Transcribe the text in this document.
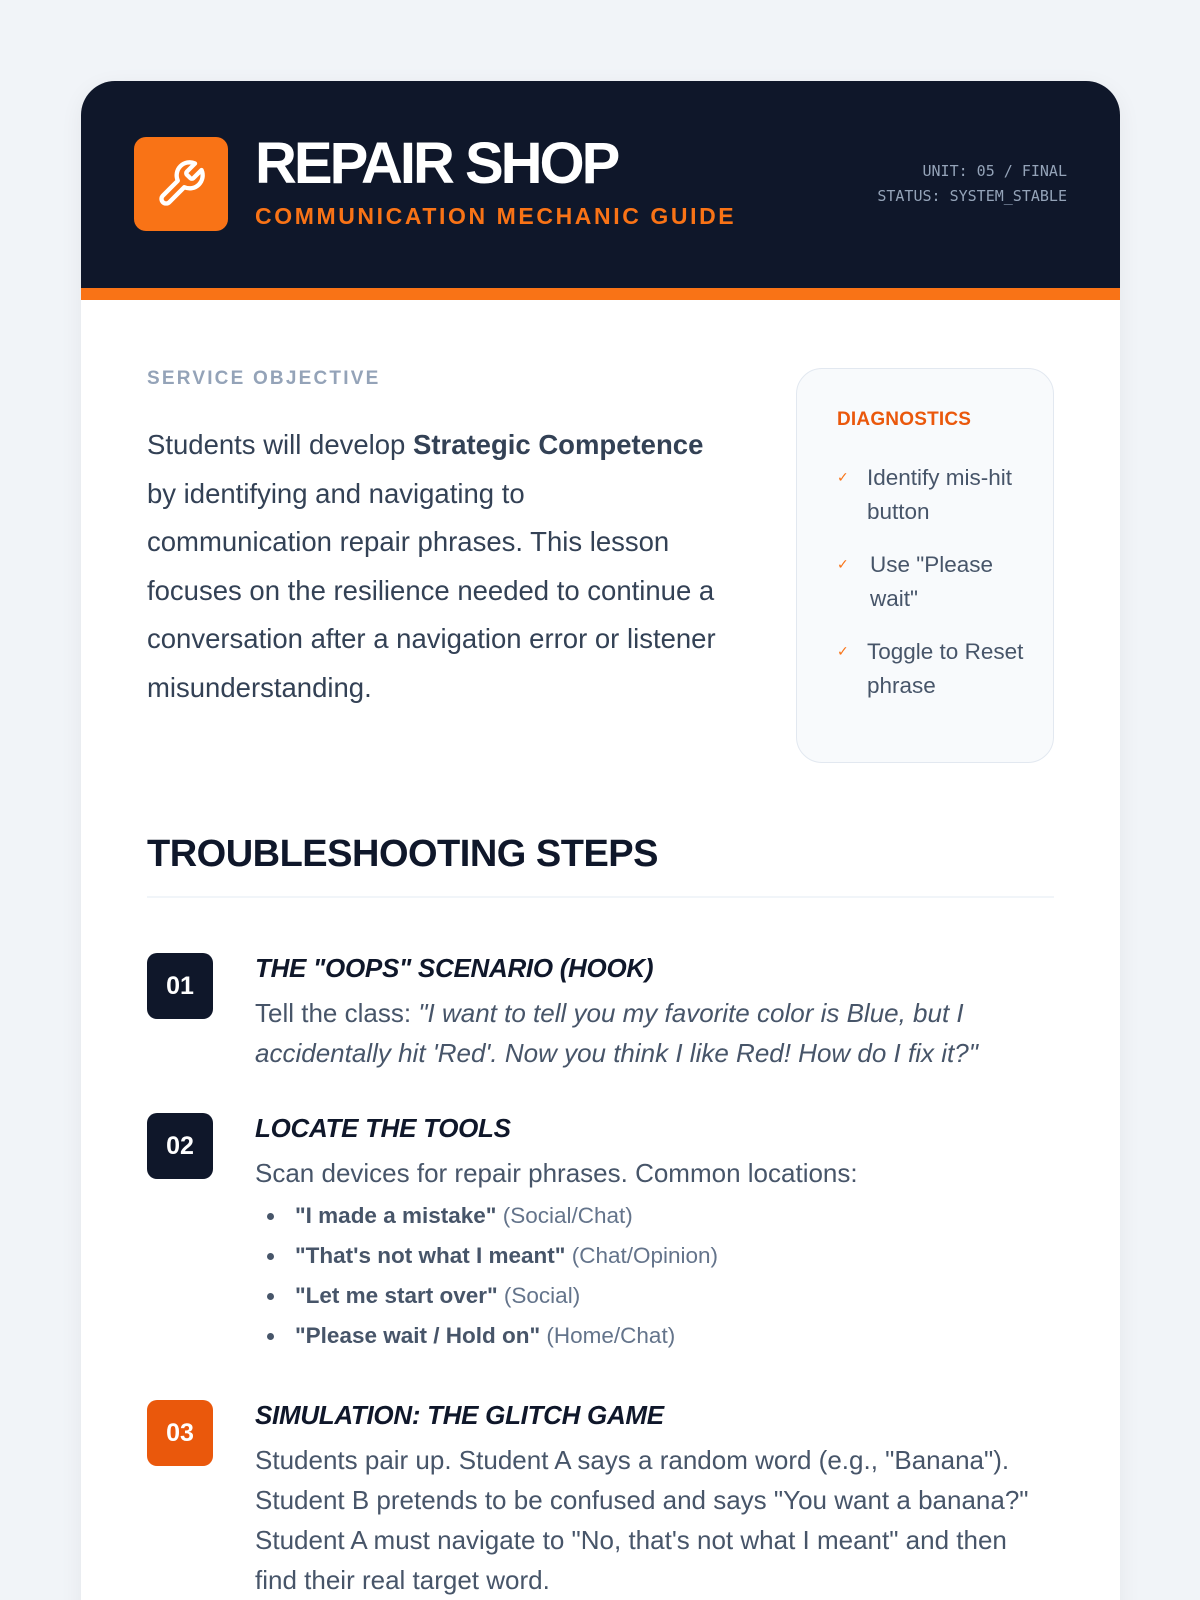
REPAIR SHOP
COMMUNICATION MECHANIC GUIDE
UNIT: 05 / FINAL
STATUS: SYSTEM_STABLE
SERVICE OBJECTIVE

Students will develop Strategic Competence by identifying and navigating to communication repair phrases. This lesson focuses on the resilience needed to continue a conversation after a navigation error or listener misunderstanding.

DIAGNOSTICS
✓ Identify mis-hit button
✓ Use "Please wait"
✓ Toggle to Reset phrase
TROUBLESHOOTING STEPS
01
THE "OOPS" SCENARIO (HOOK)
Tell the class: "I want to tell you my favorite color is Blue, but I accidentally hit 'Red'. Now you think I like Red! How do I fix it?"
02
LOCATE THE TOOLS
Scan devices for repair phrases. Common locations:
"I made a mistake" (Social/Chat)
"That's not what I meant" (Chat/Opinion)
"Let me start over" (Social)
"Please wait / Hold on" (Home/Chat)
03
SIMULATION: THE GLITCH GAME
Students pair up. Student A says a random word (e.g., "Banana"). Student B pretends to be confused and says "You want a banana?" Student A must navigate to "No, that's not what I meant" and then find their real target word.
